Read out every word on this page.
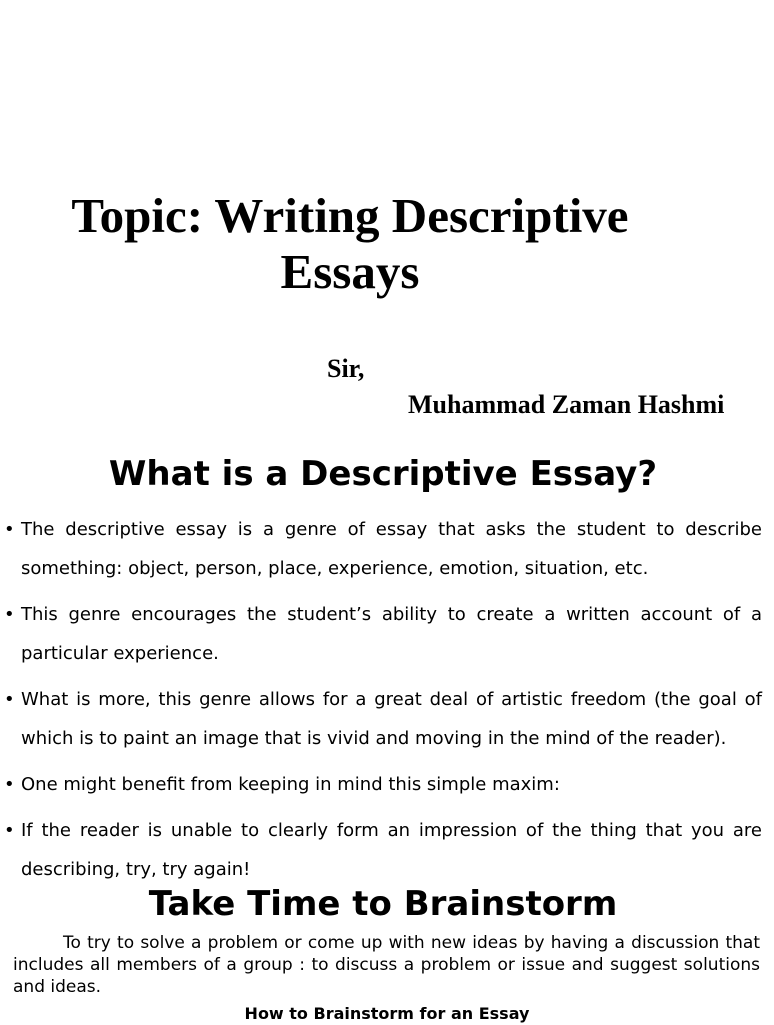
Topic: Writing Descriptive Essays

Sir,

Muhammad Zaman Hashmi

What is a Descriptive Essay?
• The descriptive essay is a genre of essay that asks the student to describe something: object, person, place, experience, emotion, situation, etc.
• This genre encourages the student’s ability to create a written account of a particular experience.
• What is more, this genre allows for a great deal of artistic freedom (the goal of which is to paint an image that is vivid and moving in the mind of the reader).
• One might benefit from keeping in mind this simple maxim:
• If the reader is unable to clearly form an impression of the thing that you are describing, try, try again!
Take Time to Brainstorm

To try to solve a problem or come up with new ideas by having a discussion that includes all members of a group : to discuss a problem or issue and suggest solutions and ideas.

How to Brainstorm for an Essay
